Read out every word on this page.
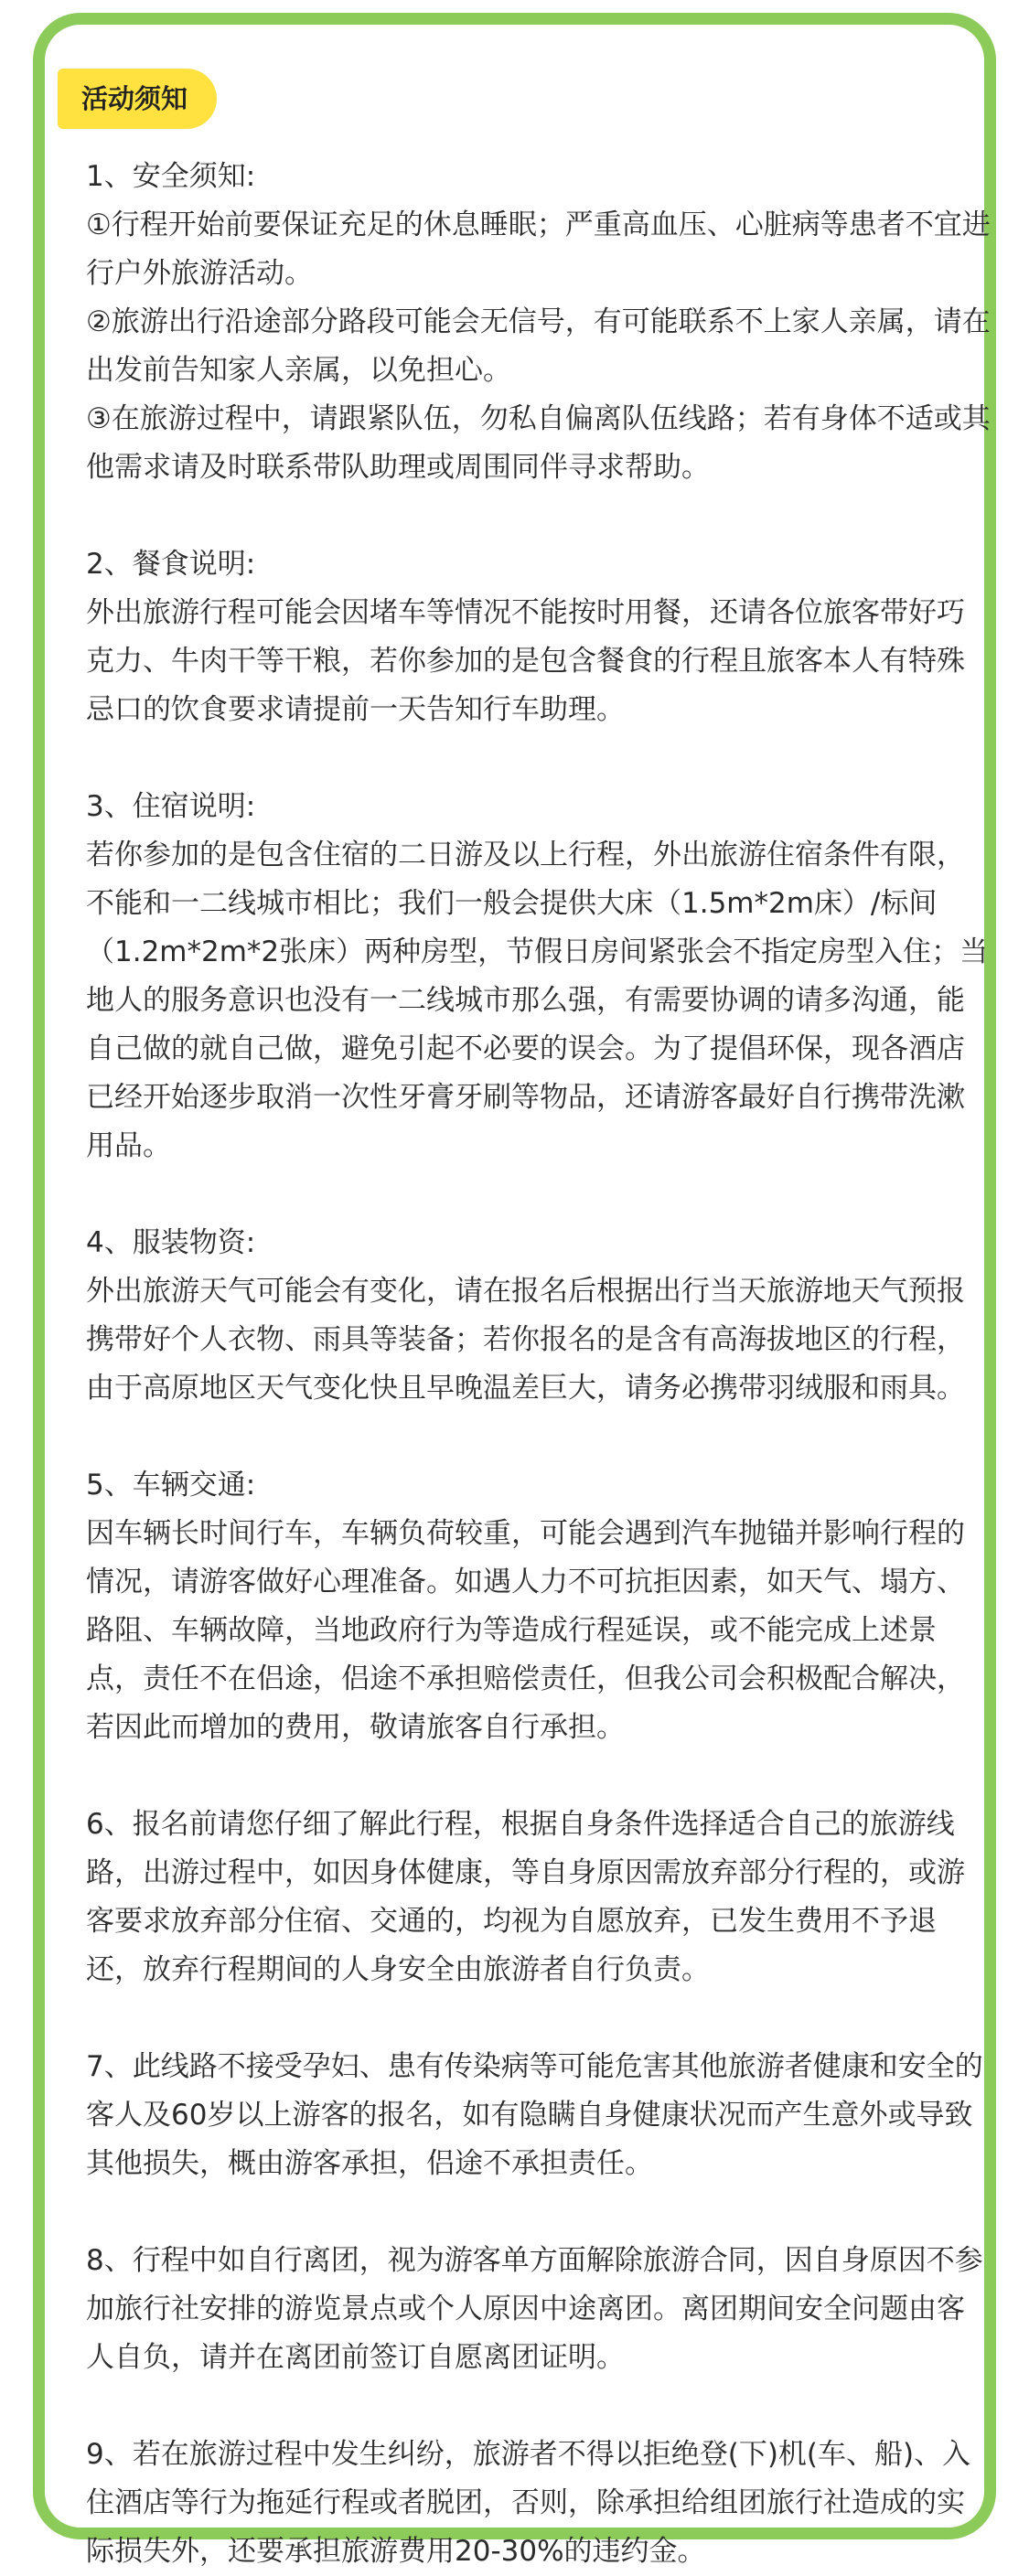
活动须知

1、安全须知:

①行程开始前要保证充足的休息睡眠；严重高血压、心脏病等患者不宜进行户外旅游活动。

②旅游出行沿途部分路段可能会无信号，有可能联系不上家人亲属，请在出发前告知家人亲属，以免担心。

③在旅游过程中，请跟紧队伍，勿私自偏离队伍线路；若有身体不适或其他需求请及时联系带队助理或周围同伴寻求帮助。

2、餐食说明:

外出旅游行程可能会因堵车等情况不能按时用餐，还请各位旅客带好巧克力、牛肉干等干粮，若你参加的是包含餐食的行程且旅客本人有特殊忌口的饮食要求请提前一天告知行车助理。

3、住宿说明:

若你参加的是包含住宿的二日游及以上行程，外出旅游住宿条件有限，不能和一二线城市相比；我们一般会提供大床（1.5m*2m床）/标间（1.2m*2m*2张床）两种房型，节假日房间紧张会不指定房型入住；当地人的服务意识也没有一二线城市那么强，有需要协调的请多沟通，能自己做的就自己做，避免引起不必要的误会。为了提倡环保，现各酒店已经开始逐步取消一次性牙膏牙刷等物品，还请游客最好自行携带洗漱用品。

4、服装物资:

外出旅游天气可能会有变化，请在报名后根据出行当天旅游地天气预报携带好个人衣物、雨具等装备；若你报名的是含有高海拔地区的行程，由于高原地区天气变化快且早晚温差巨大，请务必携带羽绒服和雨具。

5、车辆交通:

因车辆长时间行车，车辆负荷较重，可能会遇到汽车抛锚并影响行程的情况，请游客做好心理准备。如遇人力不可抗拒因素，如天气、塌方、路阻、车辆故障，当地政府行为等造成行程延误，或不能完成上述景点，责任不在侣途，侣途不承担赔偿责任，但我公司会积极配合解决，若因此而增加的费用，敬请旅客自行承担。

6、报名前请您仔细了解此行程，根据自身条件选择适合自己的旅游线路，出游过程中，如因身体健康，等自身原因需放弃部分行程的，或游客要求放弃部分住宿、交通的，均视为自愿放弃，已发生费用不予退还，放弃行程期间的人身安全由旅游者自行负责。

7、此线路不接受孕妇、患有传染病等可能危害其他旅游者健康和安全的客人及60岁以上游客的报名，如有隐瞒自身健康状况而产生意外或导致其他损失，概由游客承担，侣途不承担责任。

8、行程中如自行离团，视为游客单方面解除旅游合同，因自身原因不参加旅行社安排的游览景点或个人原因中途离团。离团期间安全问题由客人自负，请并在离团前签订自愿离团证明。

9、若在旅游过程中发生纠纷，旅游者不得以拒绝登(下)机(车、船)、入住酒店等行为拖延行程或者脱团，否则，除承担给组团旅行社造成的实际损失外，还要承担旅游费用20-30%的违约金。
